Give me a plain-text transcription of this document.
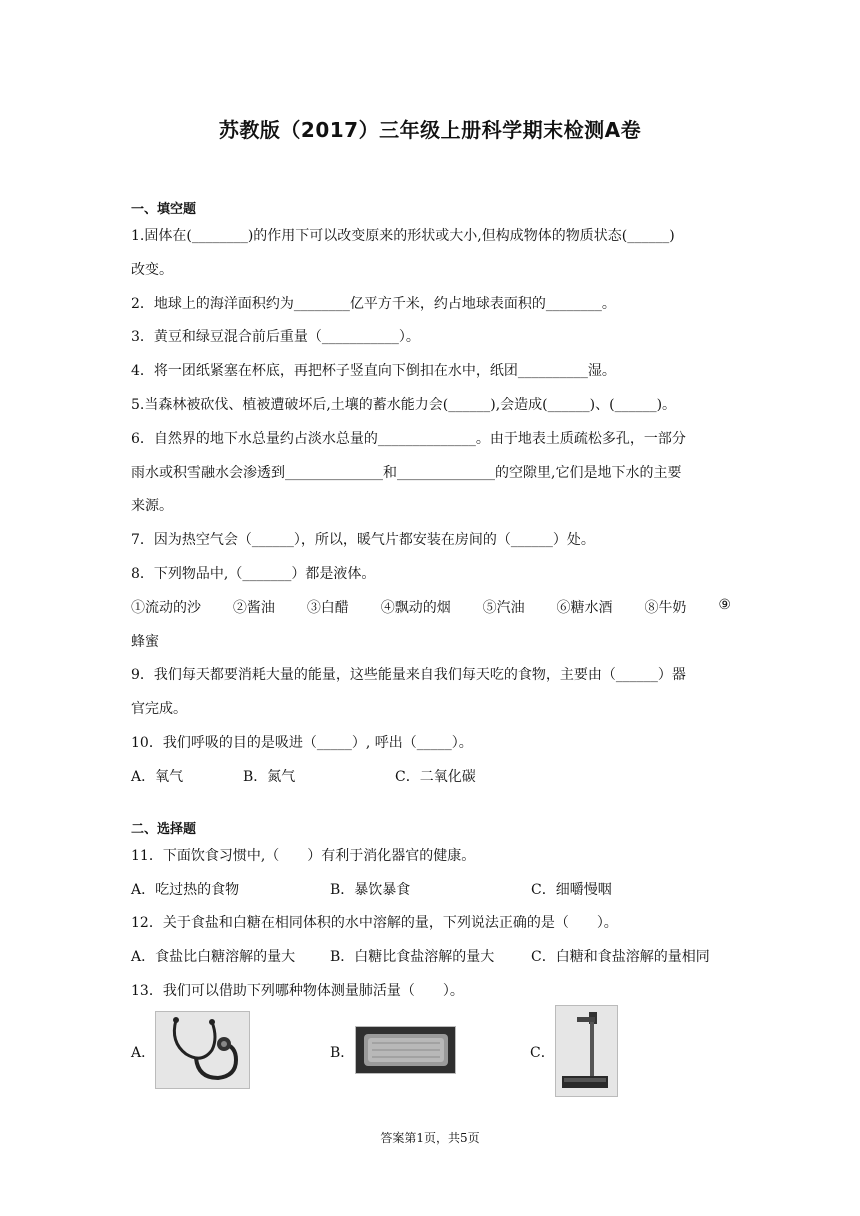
苏教版（2017）三年级上册科学期末检测A卷
一、填空题
1.固体在(________)的作用下可以改变原来的形状或大小,但构成物体的物质状态(______)
改变。
2．地球上的海洋面积约为________亿平方千米，约占地球表面积的________。
3．黄豆和绿豆混合前后重量（___________）。
4．将一团纸紧塞在杯底，再把杯子竖直向下倒扣在水中，纸团__________湿。
5.当森林被砍伐、植被遭破坏后,土壤的蓄水能力会(______),会造成(______)、(______)。
6．自然界的地下水总量约占淡水总量的______________。由于地表土质疏松多孔，一部分
雨水或积雪融水会渗透到______________和______________的空隙里,它们是地下水的主要
来源。
7．因为热空气会（______），所以，暖气片都安装在房间的（______）处。
8．下列物品中,（_______）都是液体。
①流动的沙 ②酱油 ③白醋 ④飘动的烟 ⑤汽油 ⑥糖水酒 ⑧牛奶 ⑨
蜂蜜
9．我们每天都要消耗大量的能量，这些能量来自我们每天吃的食物，主要由（______）器
官完成。
10．我们呼吸的目的是吸进（_____）, 呼出（_____）。
A．氧气	B．氮气	C．二氧化碳
二、选择题
11．下面饮食习惯中,（　　）有利于消化器官的健康。
A．吃过热的食物	B．暴饮暴食	C．细嚼慢咽
12．关于食盐和白糖在相同体积的水中溶解的量，下列说法正确的是（　　）。
A．食盐比白糖溶解的量大	B．白糖比食盐溶解的量大	C．白糖和食盐溶解的量相同
13．我们可以借助下列哪种物体测量肺活量（　　）。
A．	B．	C．
答案第1页，共5页
